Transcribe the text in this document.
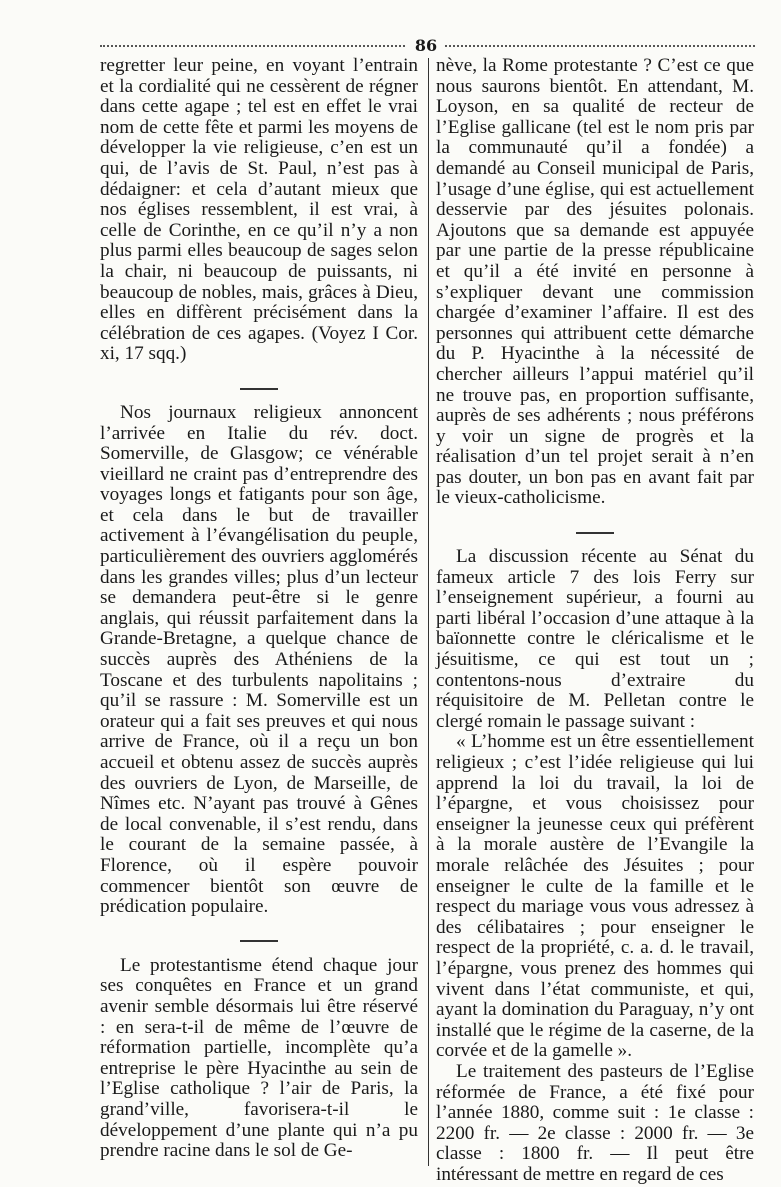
86

regretter leur peine, en voyant l’entrain et la cordialité qui ne cessèrent de régner dans cette agape ; tel est en effet le vrai nom de cette fête et parmi les moyens de développer la vie religieuse, c’en est un qui, de l’avis de St. Paul, n’est pas à dédaigner: et cela d’autant mieux que nos églises ressemblent, il est vrai, à celle de Corinthe, en ce qu’il n’y a non plus parmi elles beaucoup de sages selon la chair, ni beaucoup de puissants, ni beaucoup de nobles, mais, grâces à Dieu, elles en diffèrent précisément dans la célébration de ces agapes. (Voyez I Cor. xi, 17 sqq.)

Nos journaux religieux annoncent l’arrivée en Italie du rév. doct. Somerville, de Glasgow; ce vénérable vieillard ne craint pas d’entreprendre des voyages longs et fatigants pour son âge, et cela dans le but de travailler activement à l’évangélisation du peuple, particulièrement des ouvriers agglomérés dans les grandes villes; plus d’un lecteur se demandera peut-être si le genre anglais, qui réussit parfaitement dans la Grande-Bretagne, a quelque chance de succès auprès des Athéniens de la Toscane et des turbulents napolitains ; qu’il se rassure : M. Somerville est un orateur qui a fait ses preuves et qui nous arrive de France, où il a reçu un bon accueil et obtenu assez de succès auprès des ouvriers de Lyon, de Marseille, de Nîmes etc. N’ayant pas trouvé à Gênes de local convenable, il s’est rendu, dans le courant de la semaine passée, à Florence, où il espère pouvoir commencer bientôt son œuvre de prédication populaire.

Le protestantisme étend chaque jour ses conquêtes en France et un grand avenir semble désormais lui être réservé : en sera-t-il de même de l’œuvre de réformation partielle, incomplète qu’a entreprise le père Hyacinthe au sein de l’Eglise catholique ? l’air de Paris, la grand’ville, favorisera-t-il le développement d’une plante qui n’a pu prendre racine dans le sol de Ge-

nève, la Rome protestante ? C’est ce que nous saurons bientôt. En attendant, M. Loyson, en sa qualité de recteur de l’Eglise gallicane (tel est le nom pris par la communauté qu’il a fondée) a demandé au Conseil municipal de Paris, l’usage d’une église, qui est actuellement desservie par des jésuites polonais. Ajoutons que sa demande est appuyée par une partie de la presse républicaine et qu’il a été invité en personne à s’expliquer devant une commission chargée d’examiner l’affaire. Il est des personnes qui attribuent cette démarche du P. Hyacinthe à la nécessité de chercher ailleurs l’appui matériel qu’il ne trouve pas, en proportion suffisante, auprès de ses adhérents ; nous préférons y voir un signe de progrès et la réalisation d’un tel projet serait à n’en pas douter, un bon pas en avant fait par le vieux-catholicisme.

La discussion récente au Sénat du fameux article 7 des lois Ferry sur l’enseignement supérieur, a fourni au parti libéral l’occasion d’une attaque à la baïonnette contre le cléricalisme et le jésuitisme, ce qui est tout un ; contentons-nous d’extraire du réquisitoire de M. Pelletan contre le clergé romain le passage suivant :

« L’homme est un être essentiellement religieux ; c’est l’idée religieuse qui lui apprend la loi du travail, la loi de l’épargne, et vous choisissez pour enseigner la jeunesse ceux qui préfèrent à la morale austère de l’Evangile la morale relâchée des Jésuites ; pour enseigner le culte de la famille et le respect du mariage vous vous adressez à des célibataires ; pour enseigner le respect de la propriété, c. a. d. le travail, l’épargne, vous prenez des hommes qui vivent dans l’état communiste, et qui, ayant la domination du Paraguay, n’y ont installé que le régime de la caserne, de la corvée et de la gamelle ».

Le traitement des pasteurs de l’Eglise réformée de France, a été fixé pour l’année 1880, comme suit : 1e classe : 2200 fr. — 2e classe : 2000 fr. — 3e classe : 1800 fr. — Il peut être intéressant de mettre en regard de ces
